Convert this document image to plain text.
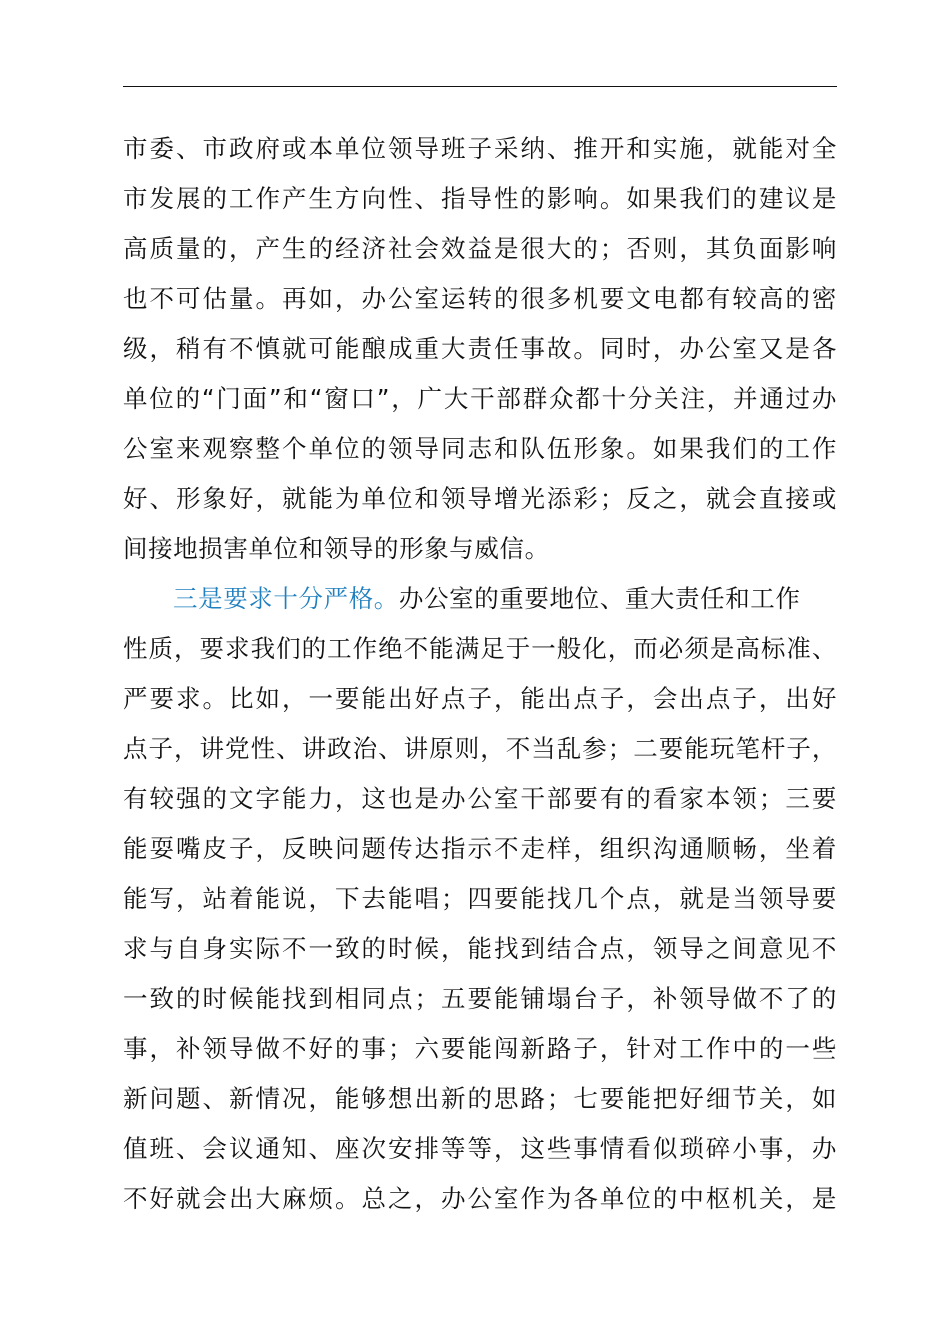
市委、市政府或本单位领导班子采纳、推开和实施，就能对全
市发展的工作产生方向性、指导性的影响。如果我们的建议是
高质量的，产生的经济社会效益是很大的；否则，其负面影响
也不可估量。再如，办公室运转的很多机要文电都有较高的密
级，稍有不慎就可能酿成重大责任事故。同时，办公室又是各
单位的“门面”和“窗口”，广大干部群众都十分关注，并通过办
公室来观察整个单位的领导同志和队伍形象。如果我们的工作
好、形象好，就能为单位和领导增光添彩；反之，就会直接或
间接地损害单位和领导的形象与威信。
三是要求十分严格。办公室的重要地位、重大责任和工作
性质，要求我们的工作绝不能满足于一般化，而必须是高标准、
严要求。比如，一要能出好点子，能出点子，会出点子，出好
点子，讲党性、讲政治、讲原则，不当乱参；二要能玩笔杆子，
有较强的文字能力，这也是办公室干部要有的看家本领；三要
能耍嘴皮子，反映问题传达指示不走样，组织沟通顺畅，坐着
能写，站着能说，下去能唱；四要能找几个点，就是当领导要
求与自身实际不一致的时候，能找到结合点，领导之间意见不
一致的时候能找到相同点；五要能铺塌台子，补领导做不了的
事，补领导做不好的事；六要能闯新路子，针对工作中的一些
新问题、新情况，能够想出新的思路；七要能把好细节关，如
值班、会议通知、座次安排等等，这些事情看似琐碎小事，办
不好就会出大麻烦。总之，办公室作为各单位的中枢机关，是
